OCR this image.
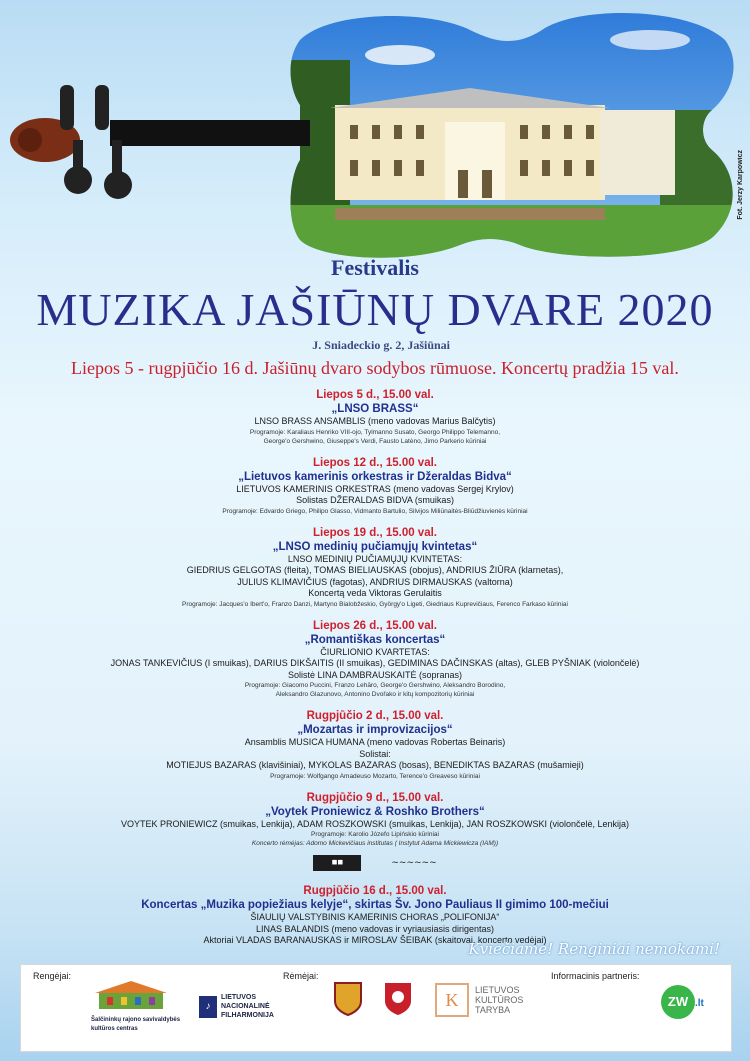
Fot. Jerzy Karpowicz
Festivalis
MUZIKA JAŠIŪNŲ DVARE 2020
J. Sniadeckio g. 2, Jašiūnai
Liepos 5 - rugpjūčio 16 d. Jašiūnų dvaro sodybos rūmuose. Koncertų pradžia 15 val.
Liepos 5 d., 15.00 val.
„LNSO BRASS“
LNSO BRASS ANSAMBLIS (meno vadovas Marius Balčytis)
Programoje: Karaliaus Henriko VIII-ojo, Tylmanno Susato, Georgo Philippo Telemanno,
George'o Gershwino, Giuseppe's Verdi, Fausto Latėno, Jimo Parkerio kūriniai
Liepos 12 d., 15.00 val.
„Lietuvos kamerinis orkestras ir Džeraldas Bidva“
LIETUVOS KAMERINIS ORKESTRAS (meno vadovas Sergej Krylov)
Solistas DŽERALDAS BIDVA (smuikas)
Programoje: Edvardo Griego, Philipo Glasso, Vidmanto Bartulio, Silvijos Miliūnaitės-Bliūdžiuvienės kūriniai
Liepos 19 d., 15.00 val.
„LNSO medinių pučiamųjų kvintetas“
LNSO MEDINIŲ PUČIAMŲJŲ KVINTETAS:
GIEDRIUS GELGOTAS (fleita), TOMAS BIELIAUSKAS (obojus), ANDRIUS ŽIŪRA (klarnetas),
JULIUS KLIMAVIČIUS (fagotas), ANDRIUS DIRMAUSKAS (valtorna)
Koncertą veda Viktoras Gerulaitis
Programoje: Jacques'o Ibert'o, Franzo Danzi, Martyno Bialobžeskio, György'o Ligeti, Giedriaus Kuprevičiaus, Ferenco Farkaso kūriniai
Liepos 26 d., 15.00 val.
„Romantiškas koncertas“
ČIURLIONIO KVARTETAS:
JONAS TANKEVIČIUS (I smuikas), DARIUS DIKŠAITIS (II smuikas), GEDIMINAS DAČINSKAS (altas), GLEB PYŠNIAK (violončelė)
Solistė LINA DAMBRAUSKAITĖ (sopranas)
Programoje: Giacomo Puccini, Franzo Lehāro, George'o Gershwino, Aleksandro Borodino,
Aleksandro Glazunovo, Antonino Dvořako ir kitų kompozitorių kūriniai
Rugpjūčio 2 d., 15.00 val.
„Mozartas ir improvizacijos“
Ansamblis MUSICA HUMANA (meno vadovas Robertas Beinaris)
Solistai:
MOTIEJUS BAZARAS (klavišiniai), MYKOLAS BAZARAS (bosas), BENEDIKTAS BAZARAS (mušamieji)
Programoje: Wolfgango Amadeuso Mozarto, Terence'o Greaveso kūriniai
Rugpjūčio 9 d., 15.00 val.
„Voytek Proniewicz & Roshko Brothers“
VOYTEK PRONIEWICZ (smuikas, Lenkija), ADAM ROSZKOWSKI (smuikas, Lenkija), JAN ROSZKOWSKI (violončelė, Lenkija)
Programoje: Karolio Józefo Lipińskio kūriniai
Koncerto rėmėjas: Adomo Mickevičiaus institutas ( Instytut Adama Mickiewicza (IAM))
◼◼	~~~~~~
Rugpjūčio 16 d., 15.00 val.
Koncertas „Muzika popiežiaus kelyje“, skirtas Šv. Jono Pauliaus II gimimo 100-mečiui
ŠIAULIŲ VALSTYBINIS KAMERINIS CHORAS „POLIFONIJA“
LINAS BALANDIS (meno vadovas ir vyriausiasis dirigentas)
Aktoriai VLADAS BARANAUSKAS ir MIROSLAV ŠEIBAK (skaitovai, koncerto vedėjai)
Kviečiame! Renginiai nemokami!
Rengėjai:	Rėmėjai:	Informacinis partneris:
Šalčininkų rajono savivaldybės kultūros centras
♪
LIETUVOS
NACIONALINĖ
FILHARMONIJA
K	LIETUVOS
KULTŪROS
TARYBA
ZW .lt
